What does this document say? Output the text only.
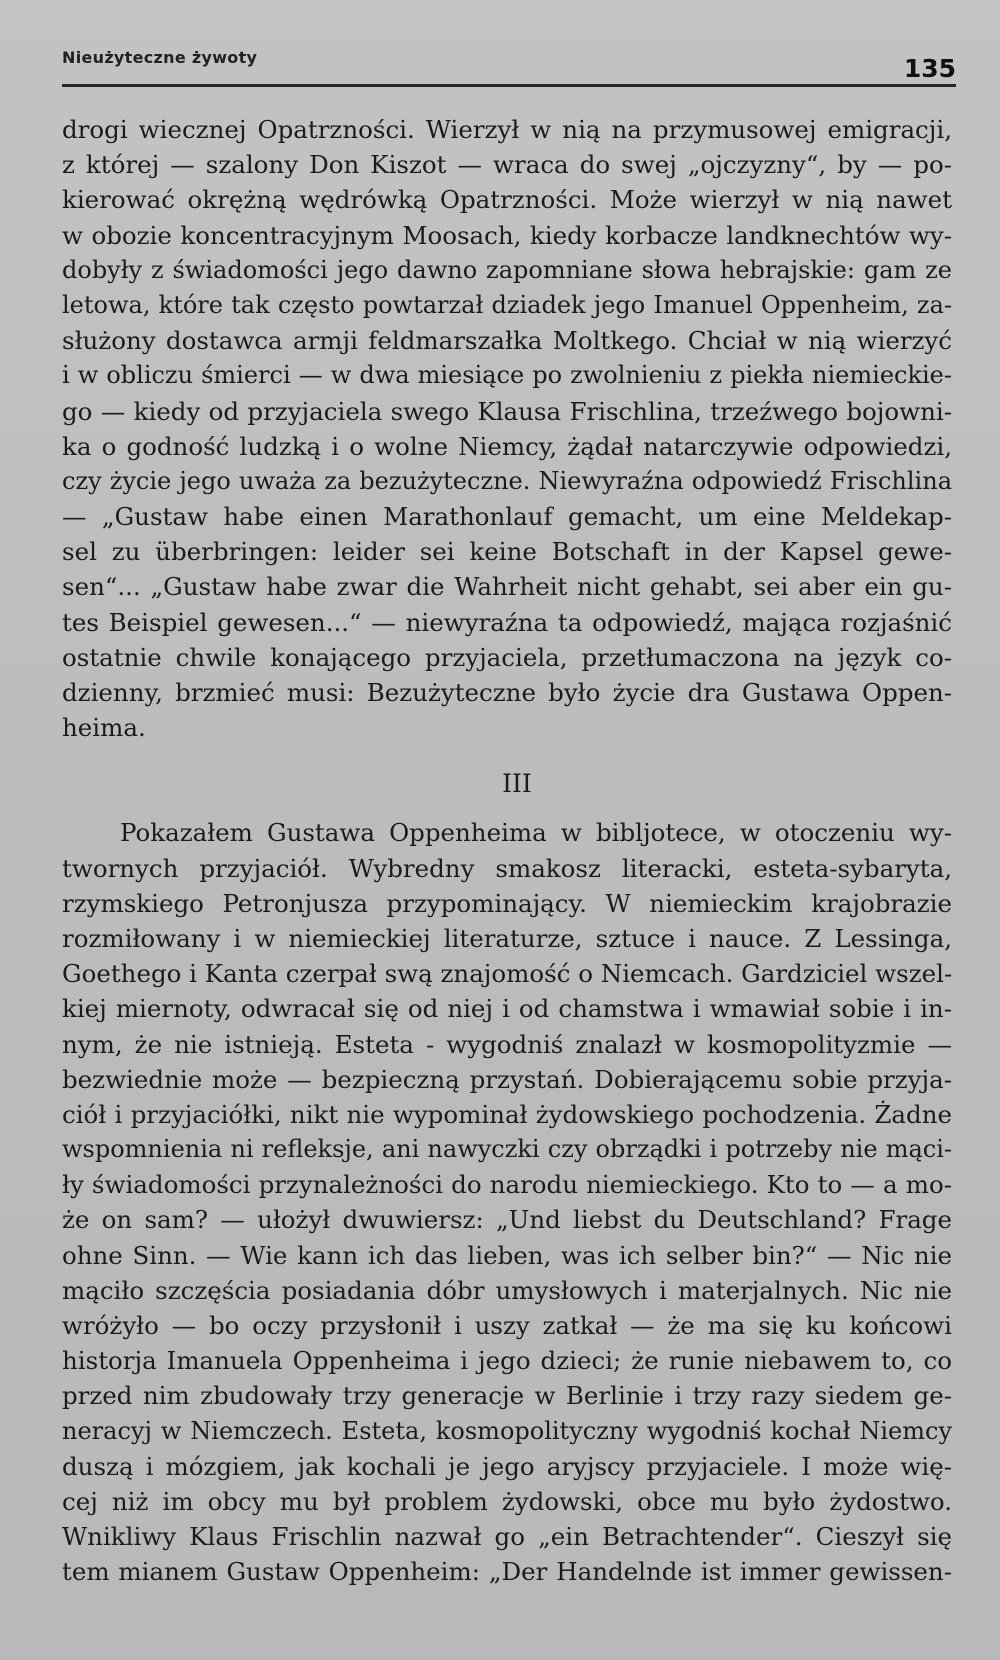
Nieużyteczne żywoty	135
drogi wiecznej Opatrzności. Wierzył w nią na przymusowej emigracji,
z której — szalony Don Kiszot — wraca do swej „ojczyzny“, by — po-
kierować okrężną wędrówką Opatrzności. Może wierzył w nią nawet
w obozie koncentracyjnym Moosach, kiedy korbacze landknechtów wy-
dobyły z świadomości jego dawno zapomniane słowa hebrajskie: gam ze
letowa, które tak często powtarzał dziadek jego Imanuel Oppenheim, za-
służony dostawca armji feldmarszałka Moltkego. Chciał w nią wierzyć
i w obliczu śmierci — w dwa miesiące po zwolnieniu z piekła niemieckie-
go — kiedy od przyjaciela swego Klausa Frischlina, trzeźwego bojowni-
ka o godność ludzką i o wolne Niemcy, żądał natarczywie odpowiedzi,
czy życie jego uważa za bezużyteczne. Niewyraźna odpowiedź Frischlina
— „Gustaw habe einen Marathonlauf gemacht, um eine Meldekap-
sel zu überbringen: leider sei keine Botschaft in der Kapsel gewe-
sen“... „Gustaw habe zwar die Wahrheit nicht gehabt, sei aber ein gu-
tes Beispiel gewesen...“ — niewyraźna ta odpowiedź, mająca rozjaśnić
ostatnie chwile konającego przyjaciela, przetłumaczona na język co-
dzienny, brzmieć musi: Bezużyteczne było życie dra Gustawa Oppen-
heima.
III
Pokazałem Gustawa Oppenheima w bibljotece, w otoczeniu wy-
twornych przyjaciół. Wybredny smakosz literacki, esteta-sybaryta,
rzymskiego Petronjusza przypominający. W niemieckim krajobrazie
rozmiłowany i w niemieckiej literaturze, sztuce i nauce. Z Lessinga,
Goethego i Kanta czerpał swą znajomość o Niemcach. Gardziciel wszel-
kiej miernoty, odwracał się od niej i od chamstwa i wmawiał sobie i in-
nym, że nie istnieją. Esteta - wygodniś znalazł w kosmopolityzmie —
bezwiednie może — bezpieczną przystań. Dobierającemu sobie przyja-
ciół i przyjaciółki, nikt nie wypominał żydowskiego pochodzenia. Żadne
wspomnienia ni refleksje, ani nawyczki czy obrządki i potrzeby nie mąci-
ły świadomości przynależności do narodu niemieckiego. Kto to — a mo-
że on sam? — ułożył dwuwiersz: „Und liebst du Deutschland? Frage
ohne Sinn. — Wie kann ich das lieben, was ich selber bin?“ — Nic nie
mąciło szczęścia posiadania dóbr umysłowych i materjalnych. Nic nie
wróżyło — bo oczy przysłonił i uszy zatkał — że ma się ku końcowi
historja Imanuela Oppenheima i jego dzieci; że runie niebawem to, co
przed nim zbudowały trzy generacje w Berlinie i trzy razy siedem ge-
neracyj w Niemczech. Esteta, kosmopolityczny wygodniś kochał Niemcy
duszą i mózgiem, jak kochali je jego aryjscy przyjaciele. I może wię-
cej niż im obcy mu był problem żydowski, obce mu było żydostwo.
Wnikliwy Klaus Frischlin nazwał go „ein Betrachtender“. Cieszył się
tem mianem Gustaw Oppenheim: „Der Handelnde ist immer gewissen-
